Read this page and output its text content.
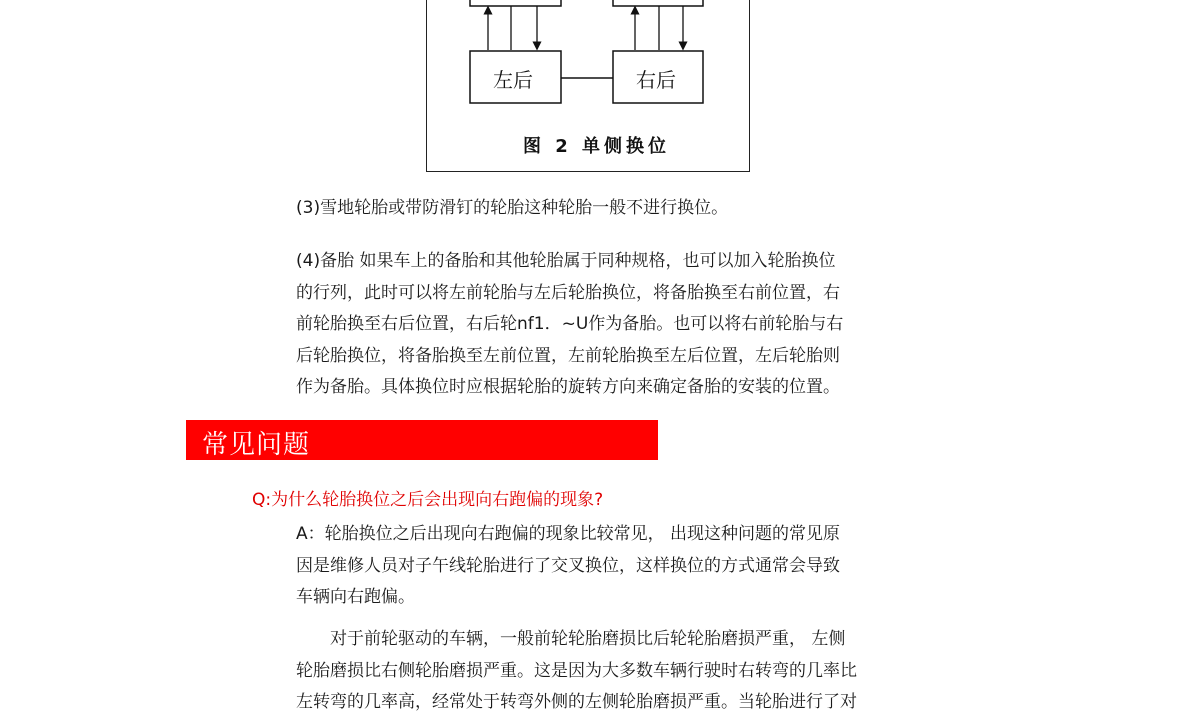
左后	右后
图 2 单侧换位
(3)雪地轮胎或带防滑钉的轮胎这种轮胎一般不进行换位。
(4)备胎 如果车上的备胎和其他轮胎属于同种规格，也可以加入轮胎换位
的行列，此时可以将左前轮胎与左后轮胎换位，将备胎换至右前位置，右
前轮胎换至右后位置，右后轮nf1．~U作为备胎。也可以将右前轮胎与右
后轮胎换位，将备胎换至左前位置，左前轮胎换至左后位置，左后轮胎则
作为备胎。具体换位时应根据轮胎的旋转方向来确定备胎的安装的位置。
常见问题
Q:为什么轮胎换位之后会出现向右跑偏的现象?
A：轮胎换位之后出现向右跑偏的现象比较常见， 出现这种问题的常见原
因是维修人员对子午线轮胎进行了交叉换位，这样换位的方式通常会导致
车辆向右跑偏。
　　对于前轮驱动的车辆，一般前轮轮胎磨损比后轮轮胎磨损严重， 左侧
轮胎磨损比右侧轮胎磨损严重。这是因为大多数车辆行驶时右转弯的几率比
左转弯的几率高，经常处于转弯外侧的左侧轮胎磨损严重。当轮胎进行了对
